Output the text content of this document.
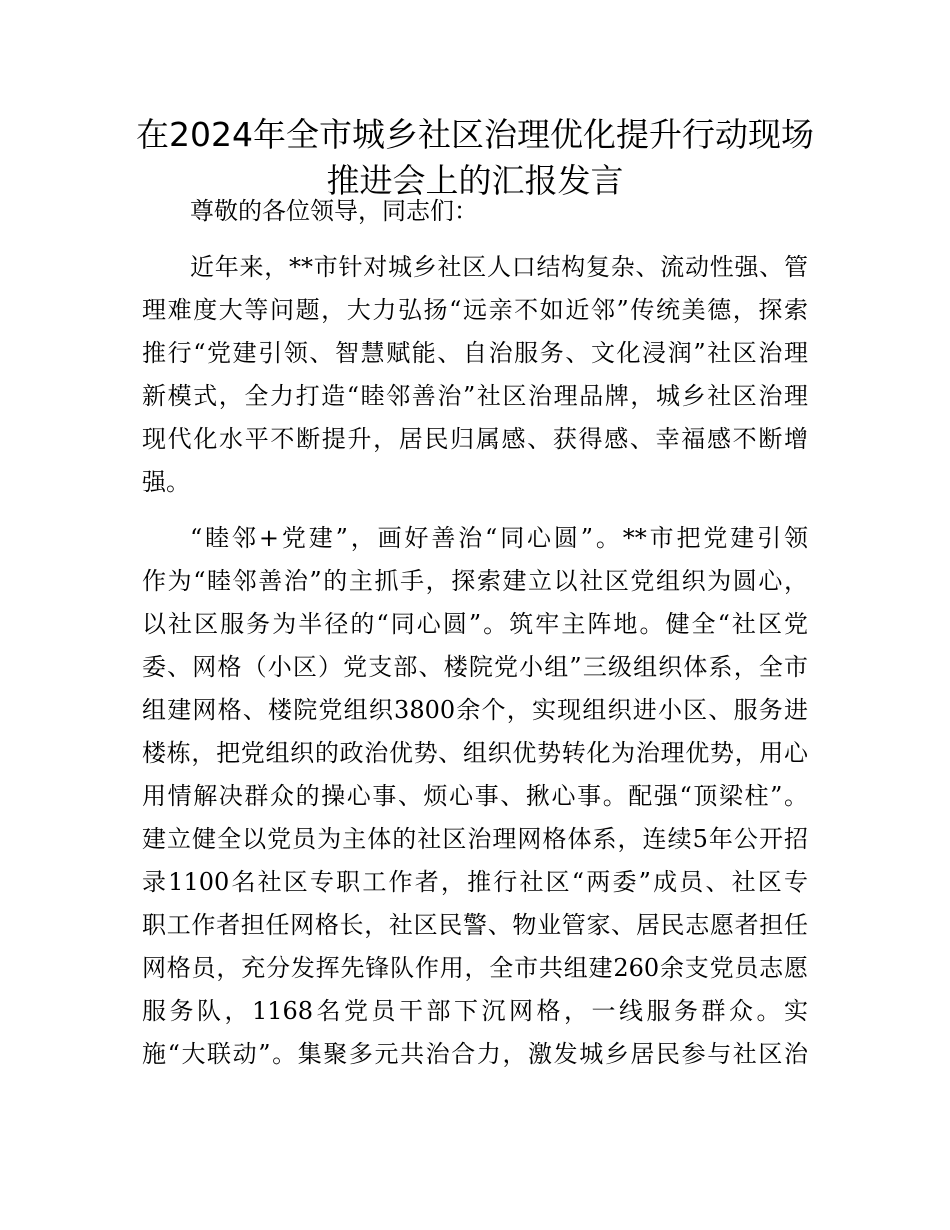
在2024年全市城乡社区治理优化提升行动现场
推进会上的汇报发言

尊敬的各位领导，同志们：

近年来，**市针对城乡社区人口结构复杂、流动性强、管
理难度大等问题，大力弘扬“远亲不如近邻”传统美德，探索
推行“党建引领、智慧赋能、自治服务、文化浸润”社区治理
新模式，全力打造“睦邻善治”社区治理品牌，城乡社区治理
现代化水平不断提升，居民归属感、获得感、幸福感不断增
强。

“睦邻+党建”，画好善治“同心圆”。**市把党建引领
作为“睦邻善治”的主抓手，探索建立以社区党组织为圆心，
以社区服务为半径的“同心圆”。筑牢主阵地。健全“社区党
委、网格（小区）党支部、楼院党小组”三级组织体系，全市
组建网格、楼院党组织3800余个，实现组织进小区、服务进
楼栋，把党组织的政治优势、组织优势转化为治理优势，用心
用情解决群众的操心事、烦心事、揪心事。配强“顶梁柱”。
建立健全以党员为主体的社区治理网格体系，连续5年公开招
录1100名社区专职工作者，推行社区“两委”成员、社区专
职工作者担任网格长，社区民警、物业管家、居民志愿者担任
网格员，充分发挥先锋队作用，全市共组建260余支党员志愿
服务队，1168名党员干部下沉网格，一线服务群众。实
施“大联动”。集聚多元共治合力，激发城乡居民参与社区治
